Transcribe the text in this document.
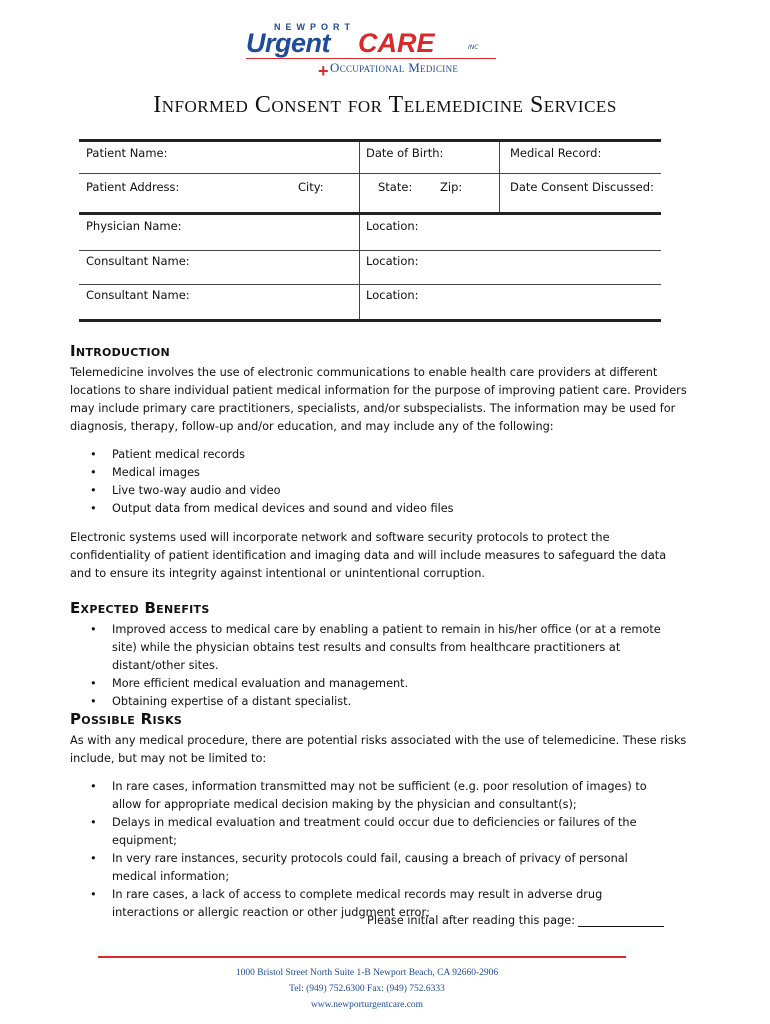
NEWPORT
Urgent CARE	INC
+ Occupational Medicine
Informed Consent for Telemedicine Services
Patient Name:	Date of Birth:	Medical Record:
Patient Address:	City:	State: Zip:	Date Consent Discussed:
Physician Name:	Location:
Consultant Name:	Location:
Consultant Name:	Location:
Introduction
Telemedicine involves the use of electronic communications to enable health care providers at different locations to share individual patient medical information for the purpose of improving patient care. Providers may include primary care practitioners, specialists, and/or subspecialists. The information may be used for diagnosis, therapy, follow-up and/or education, and may include any of the following:
• Patient medical records
• Medical images
• Live two-way audio and video
• Output data from medical devices and sound and video files
Electronic systems used will incorporate network and software security protocols to protect the confidentiality of patient identification and imaging data and will include measures to safeguard the data and to ensure its integrity against intentional or unintentional corruption.
Expected Benefits
• Improved access to medical care by enabling a patient to remain in his/her office (or at a remote site) while the physician obtains test results and consults from healthcare practitioners at distant/other sites.
• More efficient medical evaluation and management.
• Obtaining expertise of a distant specialist.
Possible Risks
As with any medical procedure, there are potential risks associated with the use of telemedicine. These risks include, but may not be limited to:
• In rare cases, information transmitted may not be sufficient (e.g. poor resolution of images) to allow for appropriate medical decision making by the physician and consultant(s);
• Delays in medical evaluation and treatment could occur due to deficiencies or failures of the equipment;
• In very rare instances, security protocols could fail, causing a breach of privacy of personal medical information;
• In rare cases, a lack of access to complete medical records may result in adverse drug interactions or allergic reaction or other judgment error;
Please initial after reading this page:
1000 Bristol Street North Suite 1-B Newport Beach, CA 92660-2906
Tel: (949) 752.6300 Fax: (949) 752.6333
www.newporturgentcare.com
